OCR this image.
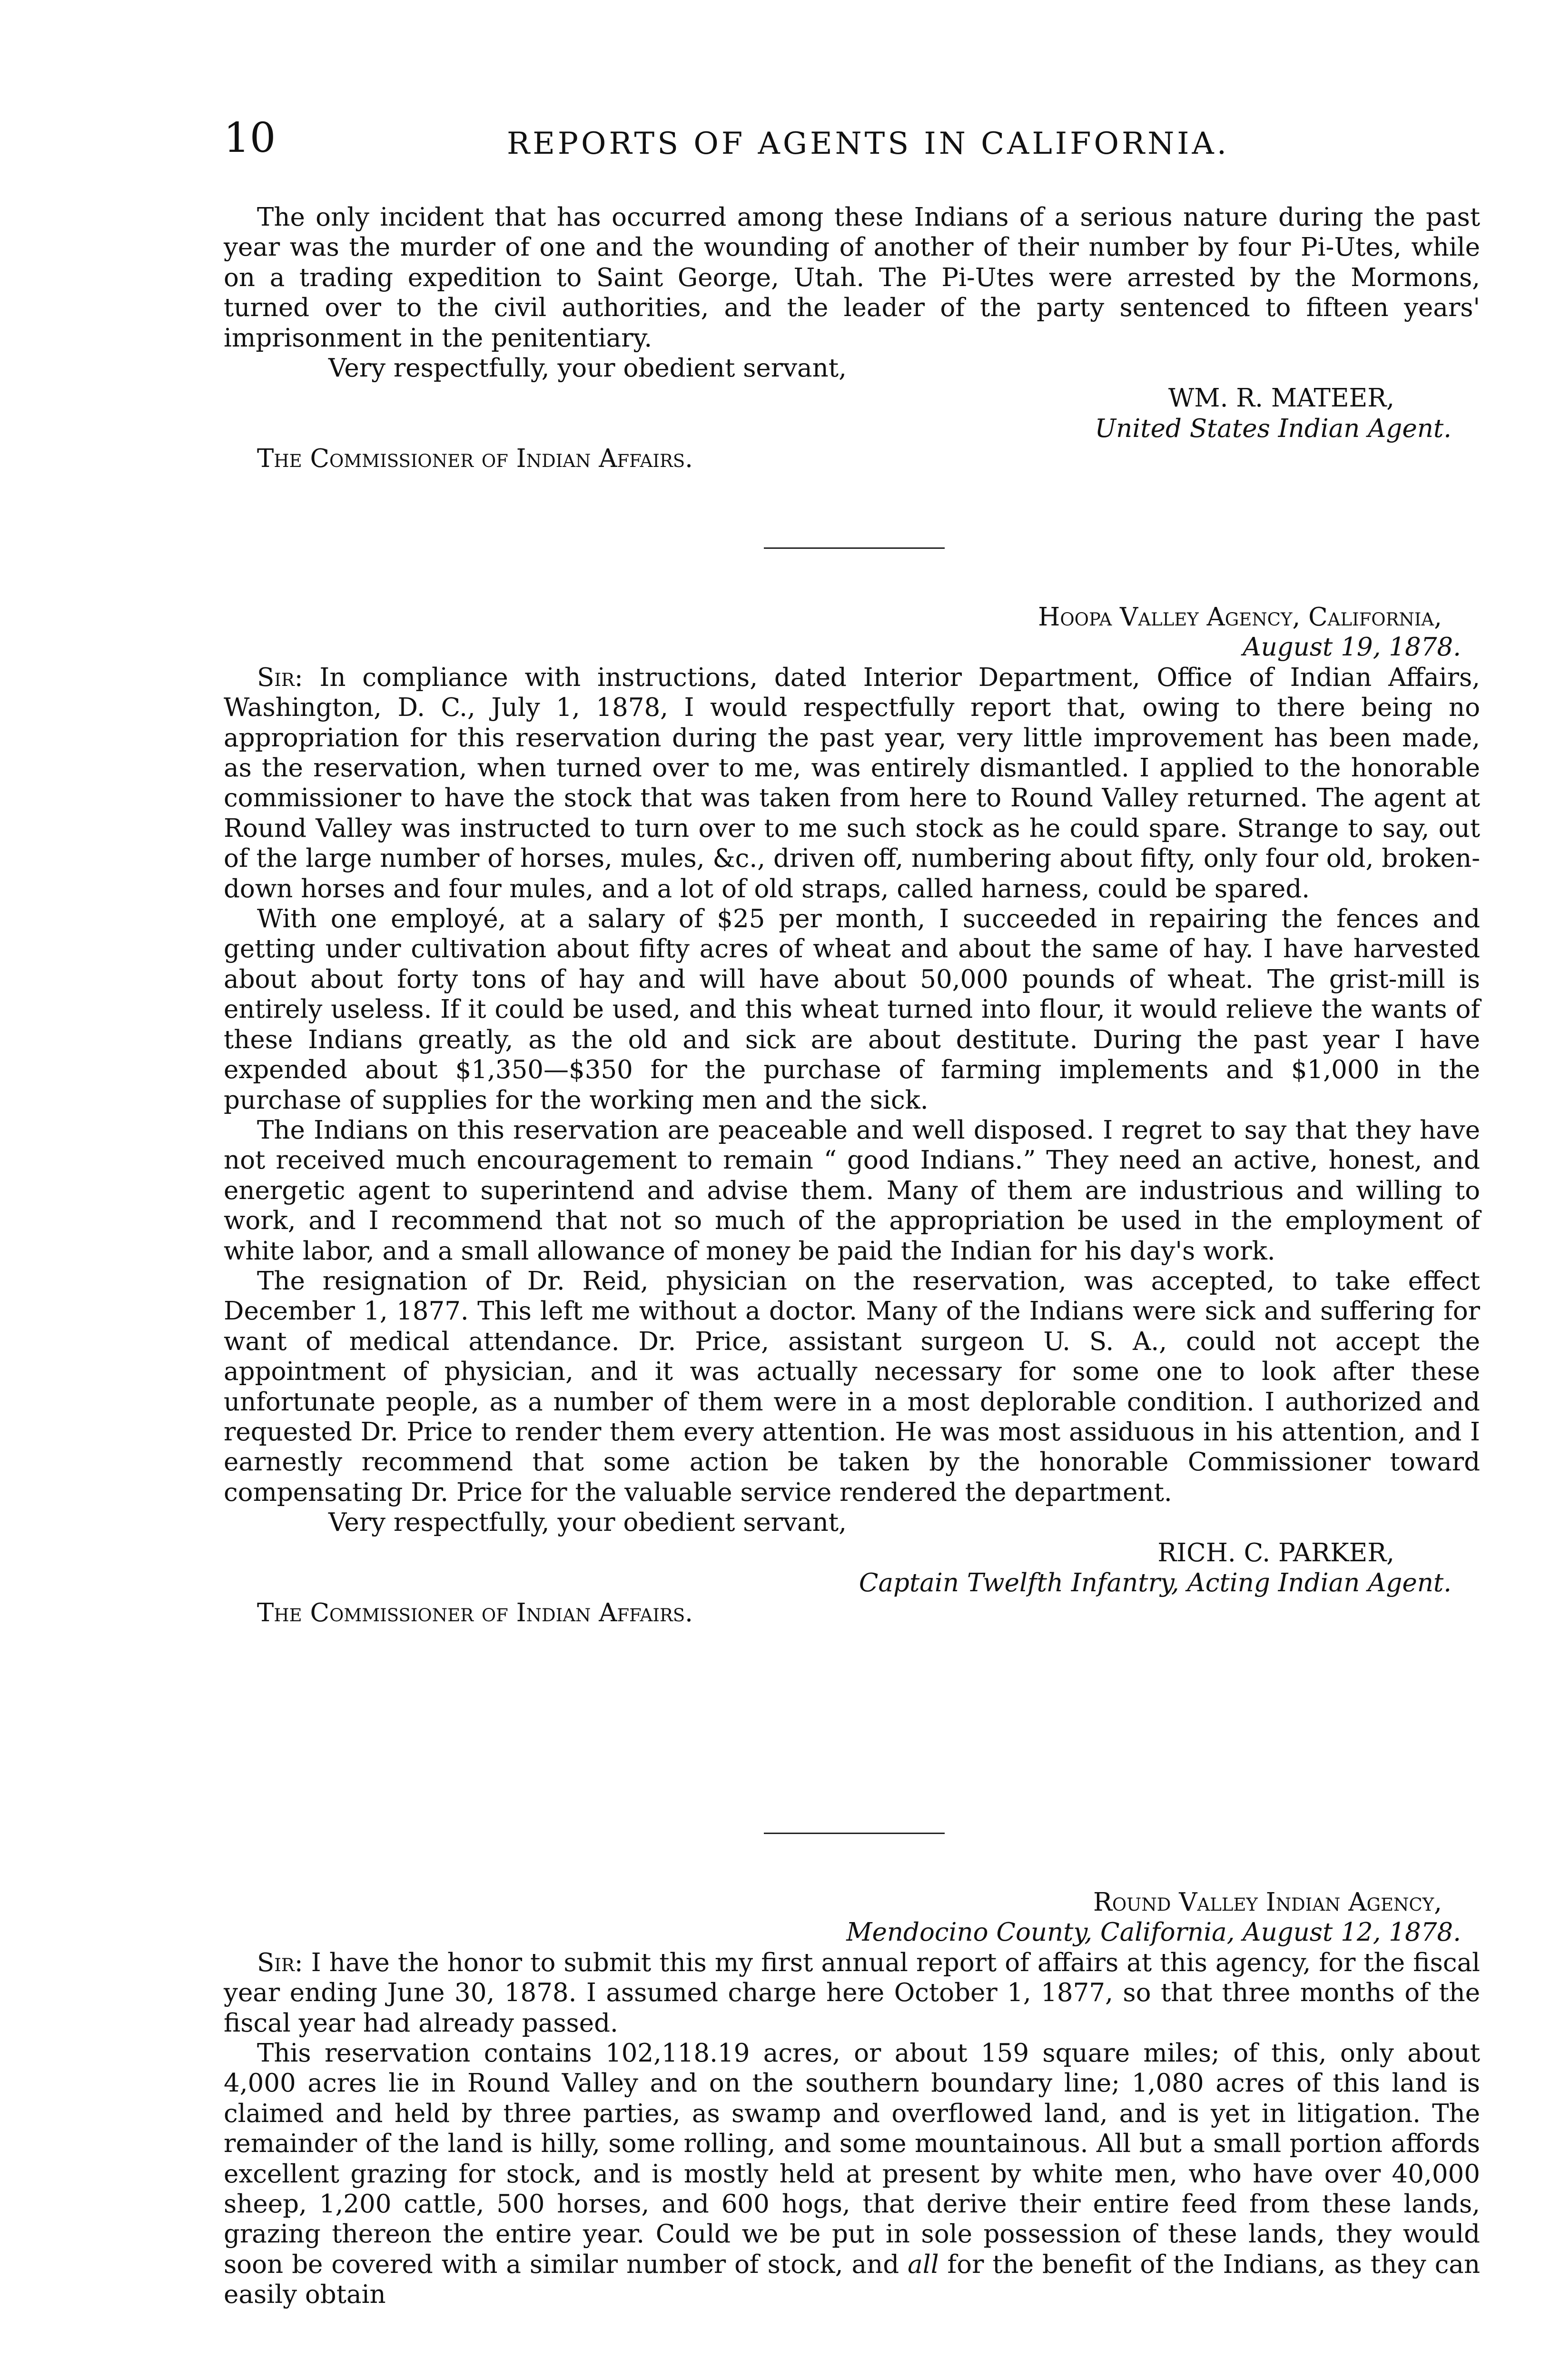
10	REPORTS OF AGENTS IN CALIFORNIA.

The only incident that has occurred among these Indians of a serious nature during the past year was the murder of one and the wounding of another of their number by four Pi-Utes, while on a trading expedition to Saint George, Utah. The Pi-Utes were arrested by the Mormons, turned over to the civil authorities, and the leader of the party sentenced to fifteen years' imprisonment in the penitentiary.

Very respectfully, your obedient servant,
WM. R. MATEER,
United States Indian Agent.
The Commissioner of Indian Affairs.
Hoopa Valley Agency, California,
August 19, 1878.

Sir: In compliance with instructions, dated Interior Department, Office of Indian Affairs, Washington, D. C., July 1, 1878, I would respectfully report that, owing to there being no appropriation for this reservation during the past year, very little improvement has been made, as the reservation, when turned over to me, was entirely dismantled. I applied to the honorable commissioner to have the stock that was taken from here to Round Valley returned. The agent at Round Valley was instructed to turn over to me such stock as he could spare. Strange to say, out of the large number of horses, mules, &c., driven off, numbering about fifty, only four old, broken-down horses and four mules, and a lot of old straps, called harness, could be spared.

With one employé, at a salary of $25 per month, I succeeded in repairing the fences and getting under cultivation about fifty acres of wheat and about the same of hay. I have harvested about about forty tons of hay and will have about 50,000 pounds of wheat. The grist-mill is entirely useless. If it could be used, and this wheat turned into flour, it would relieve the wants of these Indians greatly, as the old and sick are about destitute. During the past year I have expended about $1,350—$350 for the purchase of farming implements and $1,000 in the purchase of supplies for the working men and the sick.

The Indians on this reservation are peaceable and well disposed. I regret to say that they have not received much encouragement to remain “ good Indians.” They need an active, honest, and energetic agent to superintend and advise them. Many of them are industrious and willing to work, and I recommend that not so much of the appropriation be used in the employment of white labor, and a small allowance of money be paid the Indian for his day's work.

The resignation of Dr. Reid, physician on the reservation, was accepted, to take effect December 1, 1877. This left me without a doctor. Many of the Indians were sick and suffering for want of medical attendance. Dr. Price, assistant surgeon U. S. A., could not accept the appointment of physician, and it was actually necessary for some one to look after these unfortunate people, as a number of them were in a most deplorable condition. I authorized and requested Dr. Price to render them every attention. He was most assiduous in his attention, and I earnestly recommend that some action be taken by the honorable Commissioner toward compensating Dr. Price for the valuable service rendered the department.

Very respectfully, your obedient servant,
RICH. C. PARKER,
Captain Twelfth Infantry, Acting Indian Agent.
The Commissioner of Indian Affairs.
Round Valley Indian Agency,
Mendocino County, California, August 12, 1878.

Sir: I have the honor to submit this my first annual report of affairs at this agency, for the fiscal year ending June 30, 1878. I assumed charge here October 1, 1877, so that three months of the fiscal year had already passed.

This reservation contains 102,118.19 acres, or about 159 square miles; of this, only about 4,000 acres lie in Round Valley and on the southern boundary line; 1,080 acres of this land is claimed and held by three parties, as swamp and overflowed land, and is yet in litigation. The remainder of the land is hilly, some rolling, and some mountainous. All but a small portion affords excellent grazing for stock, and is mostly held at present by white men, who have over 40,000 sheep, 1,200 cattle, 500 horses, and 600 hogs, that derive their entire feed from these lands, grazing thereon the entire year. Could we be put in sole possession of these lands, they would soon be covered with a similar number of stock, and all for the benefit of the Indians, as they can easily obtain
